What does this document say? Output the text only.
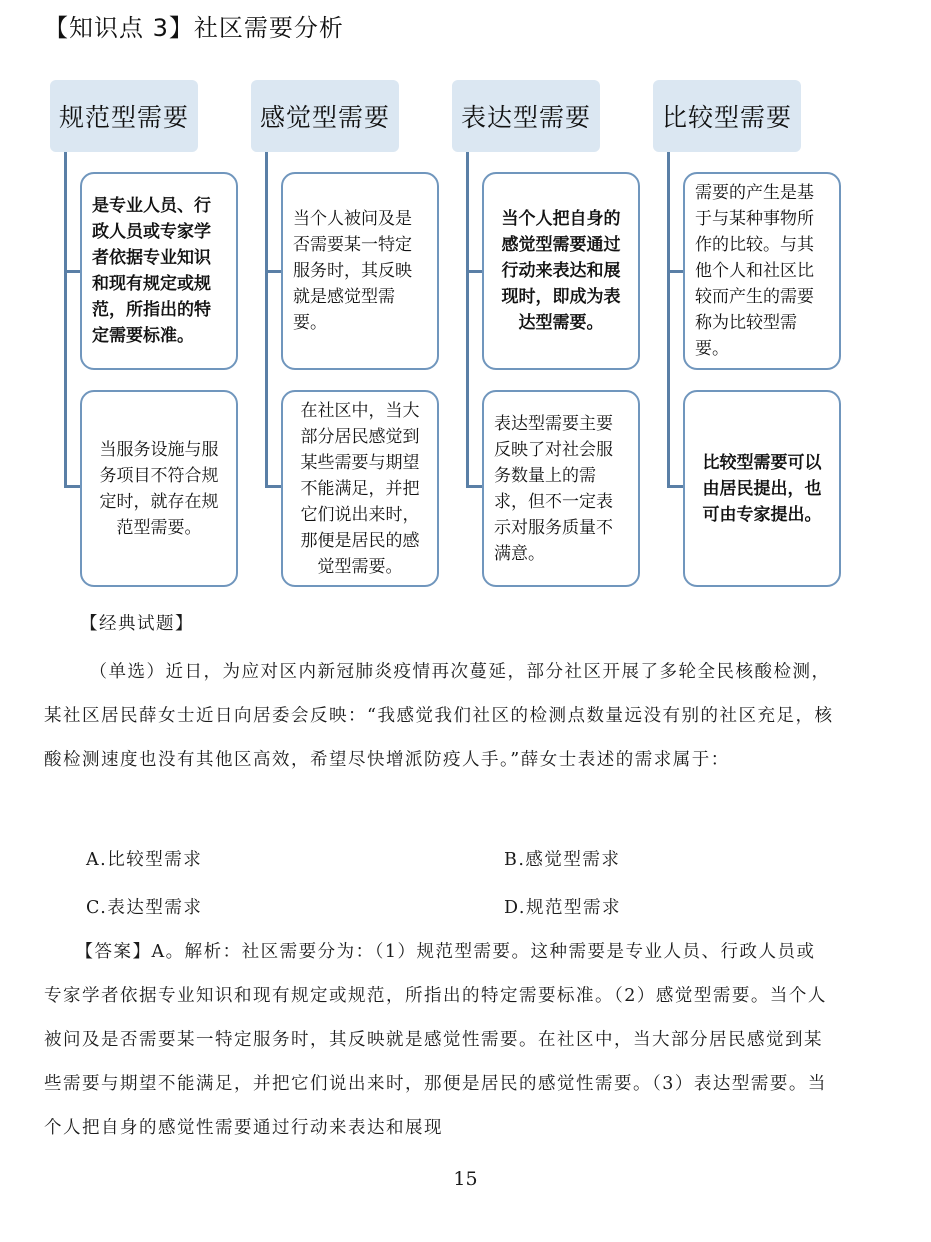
【知识点 3】社区需要分析
规范型需要
是专业人员、行政人员或专家学者依据专业知识和现有规定或规范，所指出的特定需要标准。
当服务设施与服务项目不符合规定时，就存在规范型需要。
感觉型需要
当个人被问及是否需要某一特定服务时，其反映就是感觉型需要。
在社区中，当大部分居民感觉到某些需要与期望不能满足，并把它们说出来时，那便是居民的感觉型需要。
表达型需要
当个人把自身的感觉型需要通过行动来表达和展现时，即成为表达型需要。
表达型需要主要反映了对社会服务数量上的需求，但不一定表示对服务质量不满意。
比较型需要
需要的产生是基于与某种事物所作的比较。与其他个人和社区比较而产生的需要称为比较型需要。
比较型需要可以由居民提出，也可由专家提出。
【经典试题】
（单选）近日，为应对区内新冠肺炎疫情再次蔓延，部分社区开展了多轮全民核酸检测，某社区居民薛女士近日向居委会反映：“我感觉我们社区的检测点数量远没有别的社区充足，核酸检测速度也没有其他区高效，希望尽快增派防疫人手。”薛女士表述的需求属于：
A.比较型需求	B.感觉型需求
C.表达型需求	D.规范型需求
【答案】A。解析：社区需要分为：（1）规范型需要。这种需要是专业人员、行政人员或专家学者依据专业知识和现有规定或规范，所指出的特定需要标准。（2）感觉型需要。当个人被问及是否需要某一特定服务时，其反映就是感觉性需要。在社区中，当大部分居民感觉到某些需要与期望不能满足，并把它们说出来时，那便是居民的感觉性需要。（3）表达型需要。当个人把自身的感觉性需要通过行动来表达和展现
15
